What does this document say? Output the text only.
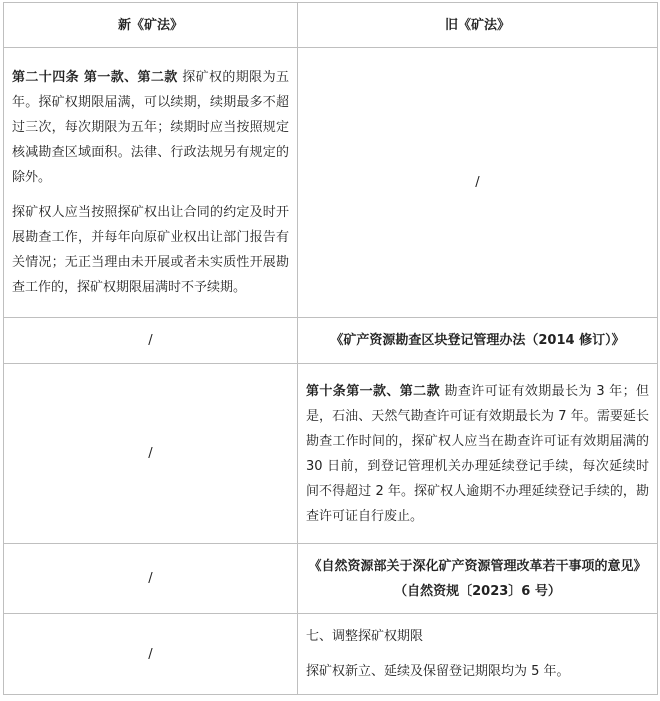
新《矿法》	旧《矿法》

第二十四条 第一款、第二款 探矿权的期限为五年。探矿权期限届满，可以续期，续期最多不超过三次，每次期限为五年；续期时应当按照规定核减勘查区域面积。法律、行政法规另有规定的除外。

探矿权人应当按照探矿权出让合同的约定及时开展勘查工作，并每年向原矿业权出让部门报告有关情况；无正当理由未开展或者未实质性开展勘查工作的，探矿权期限届满时不予续期。	/
/	《矿产资源勘查区块登记管理办法（2014 修订）》
/	第十条第一款、第二款 勘查许可证有效期最长为 3 年；但是，石油、天然气勘查许可证有效期最长为 7 年。需要延长勘查工作时间的，探矿权人应当在勘查许可证有效期届满的 30 日前，到登记管理机关办理延续登记手续，每次延续时间不得超过 2 年。探矿权人逾期不办理延续登记手续的，勘查许可证自行废止。

/	《自然资源部关于深化矿产资源管理改革若干事项的意见》
（自然资规〔2023〕6 号）

/	七、调整探矿权期限

探矿权新立、延续及保留登记期限均为 5 年。
